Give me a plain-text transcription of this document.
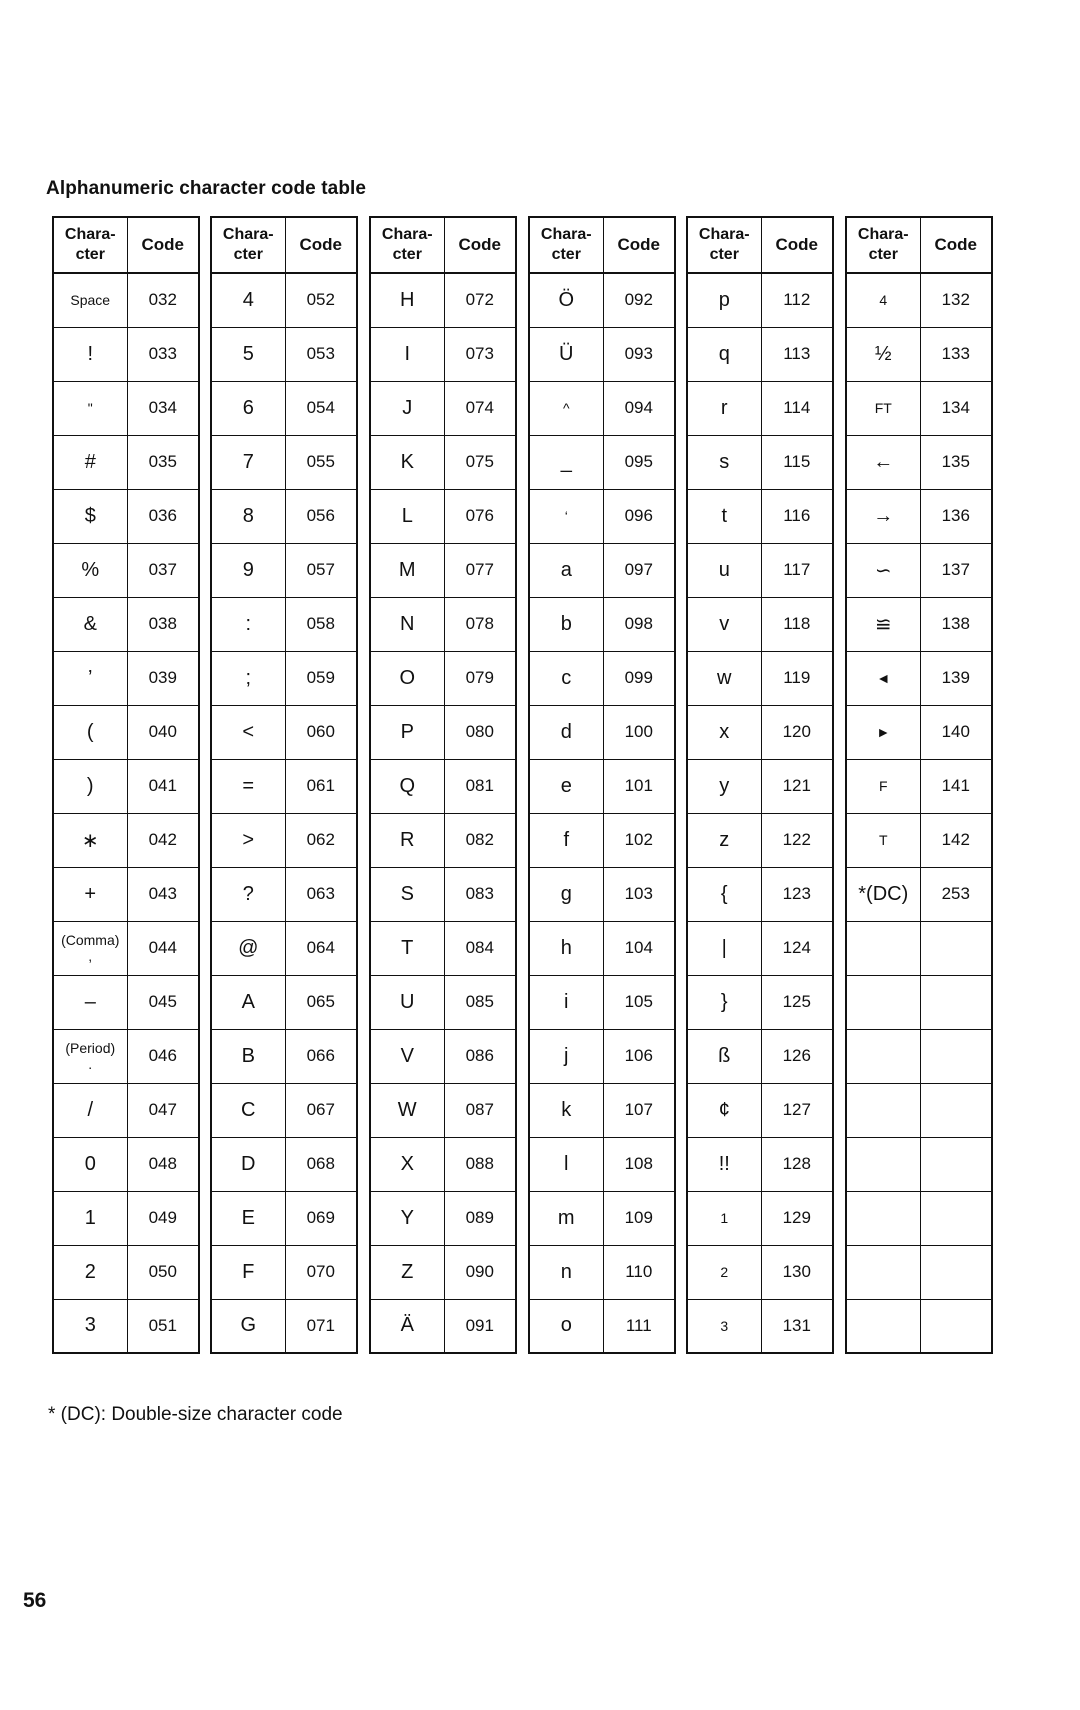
Alphanumeric character code table
Chara-
cter	Code
Space	032
!	033
"	034
#	035
$	036
%	037
&	038
’	039
(	040
)	041
∗	042
+	043
(Comma)
,	044
–	045
(Period)
.	046
/	047
0	048
1	049
2	050
3	051
Chara-
cter	Code
4	052
5	053
6	054
7	055
8	056
9	057
:	058
;	059
<	060
=	061
>	062
?	063
@	064
A	065
B	066
C	067
D	068
E	069
F	070
G	071
Chara-
cter	Code
H	072
I	073
J	074
K	075
L	076
M	077
N	078
O	079
P	080
Q	081
R	082
S	083
T	084
U	085
V	086
W	087
X	088
Y	089
Z	090
Ä	091
Chara-
cter	Code
Ö	092
Ü	093
^	094
_	095
‘	096
a	097
b	098
c	099
d	100
e	101
f	102
g	103
h	104
i	105
j	106
k	107
l	108
m	109
n	110
o	111
Chara-
cter	Code
p	112
q	113
r	114
s	115
t	116
u	117
v	118
w	119
x	120
y	121
z	122
{	123
|	124
}	125
ß	126
¢	127
!!	128
1	129
2	130
3	131
Chara-
cter	Code
4	132
½	133
FT	134
←	135
→	136
∽	137
≌	138
◄	139
►	140
F	141
T	142
*(DC)	253

* (DC): Double-size character code
56
